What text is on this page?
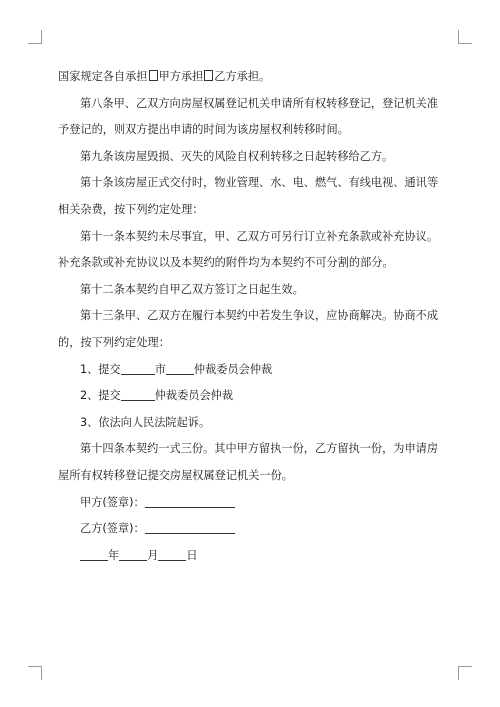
国家规定各自承担 甲方承担 乙方承担。

第八条甲、乙双方向房屋权属登记机关申请所有权转移登记，登记机关准予登记的，则双方提出申请的时间为该房屋权利转移时间。

第九条该房屋毁损、灭失的风险自权利转移之日起转移给乙方。

第十条该房屋正式交付时，物业管理、水、电、燃气、有线电视、通讯等相关杂费，按下列约定处理：

第十一条本契约未尽事宜，甲、乙双方可另行订立补充条款或补充协议。补充条款或补充协议以及本契约的附件均为本契约不可分割的部分。

第十二条本契约自甲乙双方签订之日起生效。

第十三条甲、乙双方在履行本契约中若发生争议，应协商解决。协商不成的，按下列约定处理：

1、提交	市	仲裁委员会仲裁

2、提交	仲裁委员会仲裁

3、依法向人民法院起诉。

第十四条本契约一式三份。其中甲方留执一份，乙方留执一份，为申请房屋所有权转移登记提交房屋权属登记机关一份。

甲方(签章)：

乙方(签章)：

年	月	日
